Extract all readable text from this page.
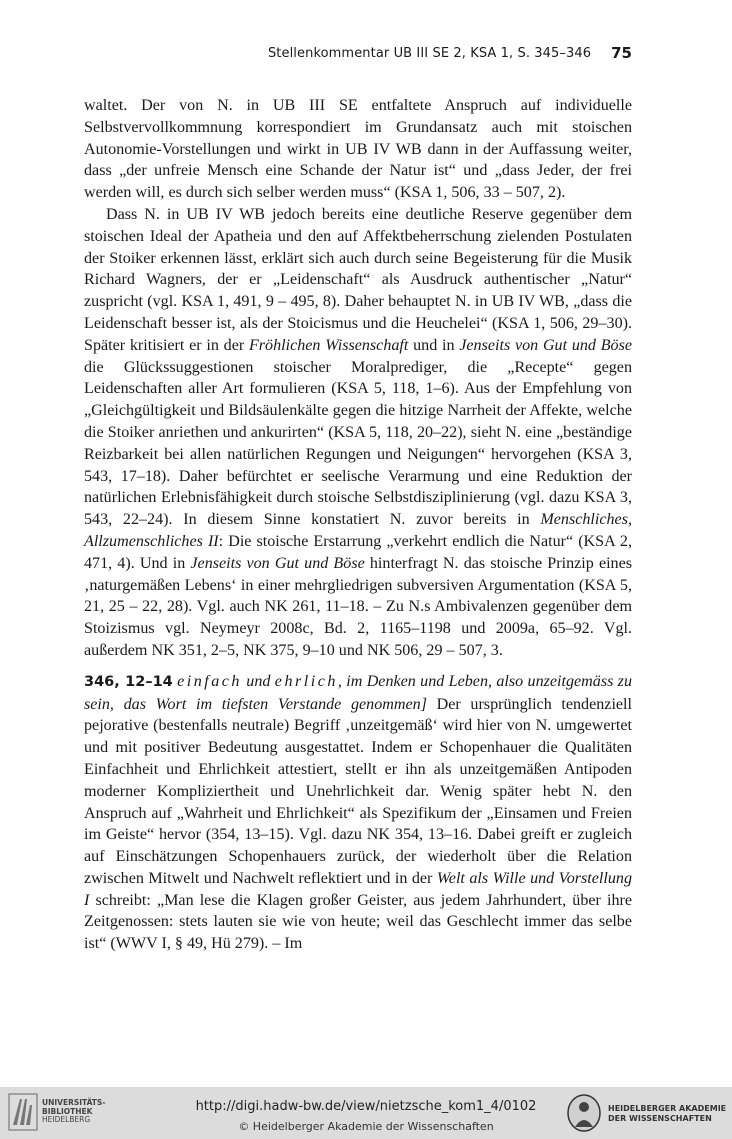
Stellenkommentar UB III SE 2, KSA 1, S. 345–346 75

waltet. Der von N. in UB III SE entfaltete Anspruch auf individuelle Selbstvervollkommnung korrespondiert im Grundansatz auch mit stoischen Autonomie-Vorstellungen und wirkt in UB IV WB dann in der Auffassung weiter, dass „der unfreie Mensch eine Schande der Natur ist“ und „dass Jeder, der frei werden will, es durch sich selber werden muss“ (KSA 1, 506, 33 – 507, 2).

Dass N. in UB IV WB jedoch bereits eine deutliche Reserve gegenüber dem stoischen Ideal der Apatheia und den auf Affektbeherrschung zielenden Postulaten der Stoiker erkennen lässt, erklärt sich auch durch seine Begeisterung für die Musik Richard Wagners, der er „Leidenschaft“ als Ausdruck authentischer „Natur“ zuspricht (vgl. KSA 1, 491, 9 – 495, 8). Daher behauptet N. in UB IV WB, „dass die Leidenschaft besser ist, als der Stoicismus und die Heuchelei“ (KSA 1, 506, 29–30). Später kritisiert er in der Fröhlichen Wissenschaft und in Jenseits von Gut und Böse die Glückssuggestionen stoischer Moralprediger, die „Recepte“ gegen Leidenschaften aller Art formulieren (KSA 5, 118, 1–6). Aus der Empfehlung von „Gleichgültigkeit und Bildsäulenkälte gegen die hitzige Narrheit der Affekte, welche die Stoiker anriethen und ankurirten“ (KSA 5, 118, 20–22), sieht N. eine „beständige Reizbarkeit bei allen natürlichen Regungen und Neigungen“ hervorgehen (KSA 3, 543, 17–18). Daher befürchtet er seelische Verarmung und eine Reduktion der natürlichen Erlebnisfähigkeit durch stoische Selbstdisziplinierung (vgl. dazu KSA 3, 543, 22–24). In diesem Sinne konstatiert N. zuvor bereits in Menschliches, Allzumenschliches II: Die stoische Erstarrung „verkehrt endlich die Natur“ (KSA 2, 471, 4). Und in Jenseits von Gut und Böse hinterfragt N. das stoische Prinzip eines ‚naturgemäßen Lebens‘ in einer mehrgliedrigen subversiven Argumentation (KSA 5, 21, 25 – 22, 28). Vgl. auch NK 261, 11–18. – Zu N.s Ambivalenzen gegenüber dem Stoizismus vgl. Neymeyr 2008c, Bd. 2, 1165–1198 und 2009a, 65–92. Vgl. außerdem NK 351, 2–5, NK 375, 9–10 und NK 506, 29 – 507, 3.

346, 12–14 einfach und ehrlich, im Denken und Leben, also unzeitgemäss zu sein, das Wort im tiefsten Verstande genommen] Der ursprünglich tendenziell pejorative (bestenfalls neutrale) Begriff ‚unzeitgemäß‘ wird hier von N. umgewertet und mit positiver Bedeutung ausgestattet. Indem er Schopenhauer die Qualitäten Einfachheit und Ehrlichkeit attestiert, stellt er ihn als unzeitgemäßen Antipoden moderner Kompliziertheit und Unehrlichkeit dar. Wenig später hebt N. den Anspruch auf „Wahrheit und Ehrlichkeit“ als Spezifikum der „Einsamen und Freien im Geiste“ hervor (354, 13–15). Vgl. dazu NK 354, 13–16. Dabei greift er zugleich auf Einschätzungen Schopenhauers zurück, der wiederholt über die Relation zwischen Mitwelt und Nachwelt reflektiert und in der Welt als Wille und Vorstellung I schreibt: „Man lese die Klagen großer Geister, aus jedem Jahrhundert, über ihre Zeitgenossen: stets lauten sie wie von heute; weil das Geschlecht immer das selbe ist“ (WWV I, § 49, Hü 279). – Im

UNIVERSITÄTS-
BIBLIOTHEK
HEIDELBERG
http://digi.hadw-bw.de/view/nietzsche_kom1_4/0102
© Heidelberger Akademie der Wissenschaften
HEIDELBERGER AKADEMIE
DER WISSENSCHAFTEN
